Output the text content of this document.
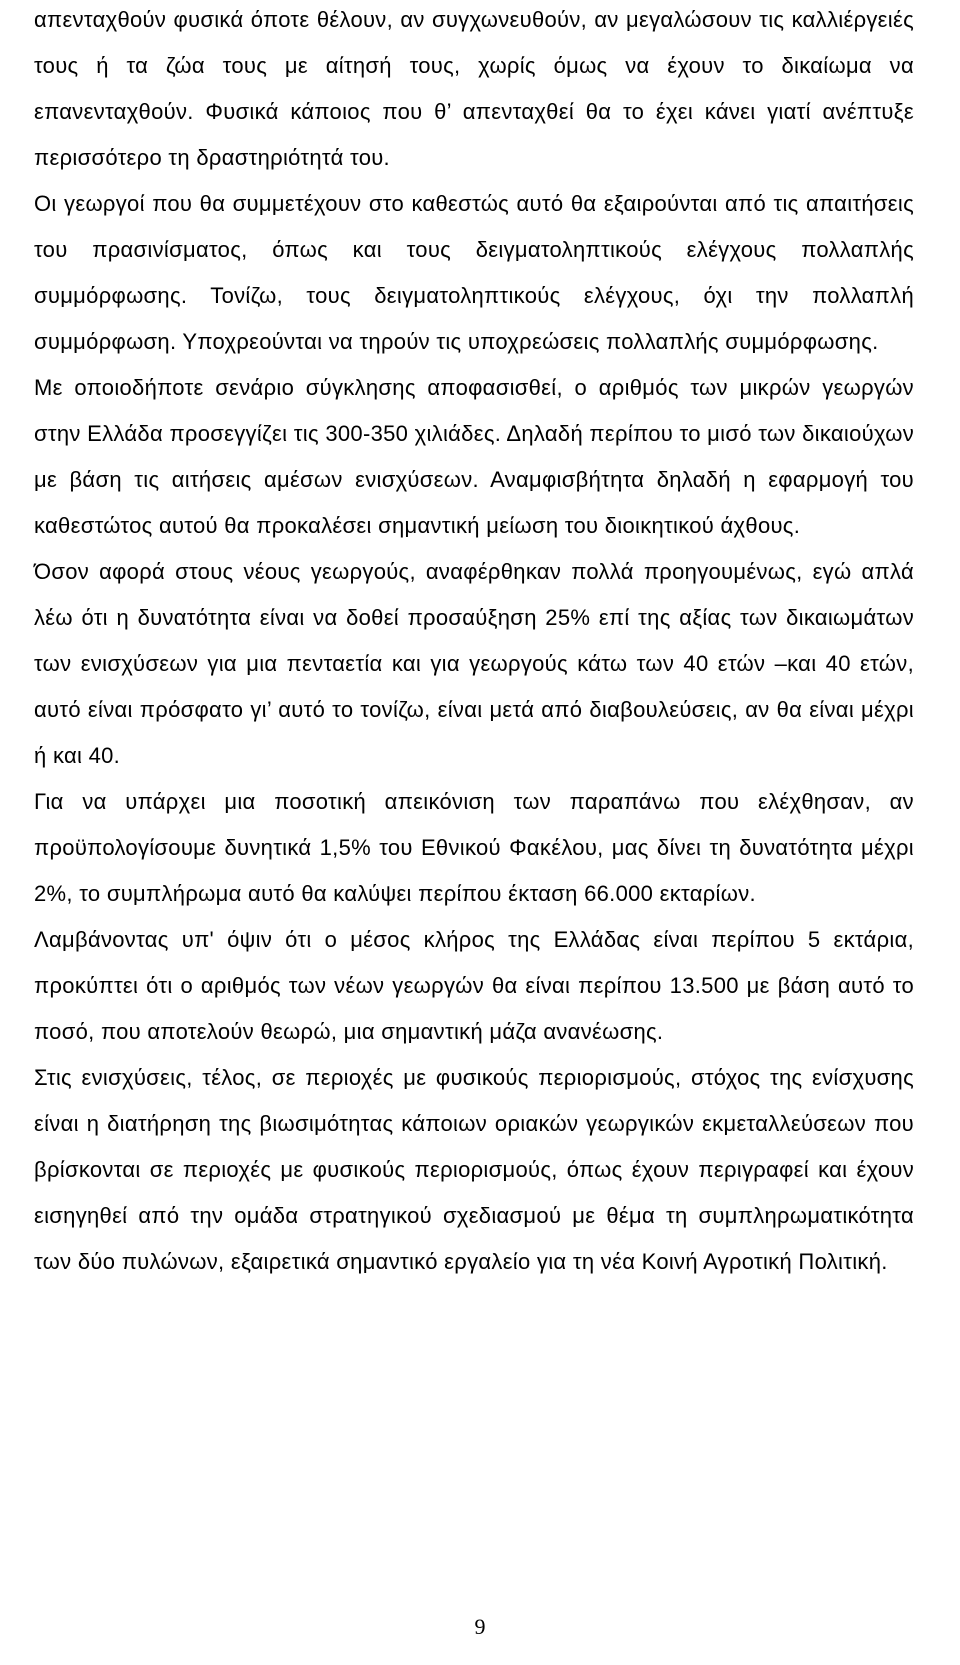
απενταχθούν φυσικά όποτε θέλουν, αν συγχωνευθούν, αν μεγαλώσουν τις καλλιέργειές τους ή τα ζώα τους με αίτησή τους, χωρίς όμως να έχουν το δικαίωμα να επανενταχθούν. Φυσικά κάποιος που θ’ απενταχθεί θα το έχει κάνει γιατί ανέπτυξε περισσότερο τη δραστηριότητά του.

Οι γεωργοί που θα συμμετέχουν στο καθεστώς αυτό θα εξαιρούνται από τις απαιτήσεις του πρασινίσματος, όπως και τους δειγματοληπτικούς ελέγχους πολλαπλής συμμόρφωσης. Τονίζω, τους δειγματοληπτικούς ελέγχους, όχι την πολλαπλή συμμόρφωση. Υποχρεούνται να τηρούν τις υποχρεώσεις πολλαπλής συμμόρφωσης.

Με οποιοδήποτε σενάριο σύγκλησης αποφασισθεί, ο αριθμός των μικρών γεωργών στην Ελλάδα προσεγγίζει τις 300-350 χιλιάδες. Δηλαδή περίπου το μισό των δικαιούχων με βάση τις αιτήσεις αμέσων ενισχύσεων. Αναμφισβήτητα δηλαδή η εφαρμογή του καθεστώτος αυτού θα προκαλέσει σημαντική μείωση του διοικητικού άχθους.

Όσον αφορά στους νέους γεωργούς, αναφέρθηκαν πολλά προηγουμένως, εγώ απλά λέω ότι η δυνατότητα είναι να δοθεί προσαύξηση 25% επί της αξίας των δικαιωμάτων των ενισχύσεων για μια πενταετία και για γεωργούς κάτω των 40 ετών –και 40 ετών, αυτό είναι πρόσφατο γι’ αυτό το τονίζω, είναι μετά από διαβουλεύσεις, αν θα είναι μέχρι ή και 40.

Για να υπάρχει μια ποσοτική απεικόνιση των παραπάνω που ελέχθησαν, αν προϋπολογίσουμε δυνητικά 1,5% του Εθνικού Φακέλου, μας δίνει τη δυνατότητα μέχρι 2%, το συμπλήρωμα αυτό θα καλύψει περίπου έκταση 66.000 εκταρίων.

Λαμβάνοντας υπ' όψιν ότι ο μέσος κλήρος της Ελλάδας είναι περίπου 5 εκτάρια, προκύπτει ότι ο αριθμός των νέων γεωργών θα είναι περίπου 13.500 με βάση αυτό το ποσό, που αποτελούν θεωρώ, μια σημαντική μάζα ανανέωσης.

Στις ενισχύσεις, τέλος, σε περιοχές με φυσικούς περιορισμούς, στόχος της ενίσχυσης είναι η διατήρηση της βιωσιμότητας κάποιων οριακών γεωργικών εκμεταλλεύσεων που βρίσκονται σε περιοχές με φυσικούς περιορισμούς, όπως έχουν περιγραφεί και έχουν εισηγηθεί από την ομάδα στρατηγικού σχεδιασμού με θέμα τη συμπληρωματικότητα των δύο πυλώνων, εξαιρετικά σημαντικό εργαλείο για τη νέα Κοινή Αγροτική Πολιτική.

9
